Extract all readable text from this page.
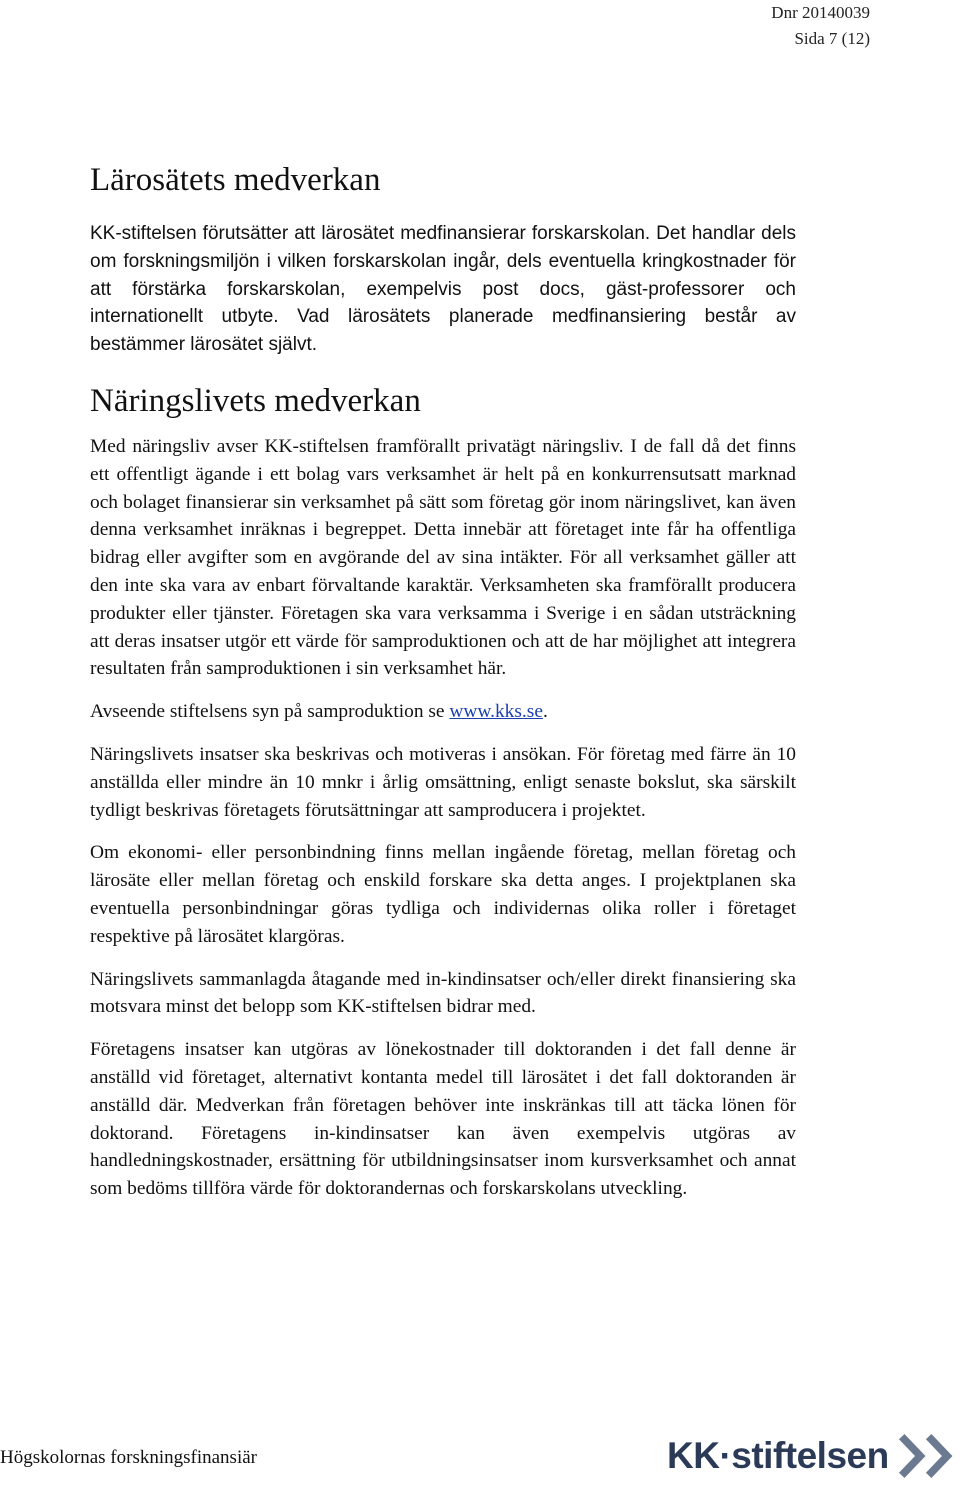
Dnr 20140039
Sida 7 (12)
Lärosätets medverkan

KK-stiftelsen förutsätter att lärosätet medfinansierar forskarskolan. Det handlar dels om forskningsmiljön i vilken forskarskolan ingår, dels eventuella kringkostnader för att förstärka forskarskolan, exempelvis post docs, gäst-professorer och internationellt utbyte. Vad lärosätets planerade medfinansiering består av bestämmer lärosätet självt.

Näringslivets medverkan

Med näringsliv avser KK-stiftelsen framförallt privatägt näringsliv. I de fall då det finns ett offentligt ägande i ett bolag vars verksamhet är helt på en konkurrensutsatt marknad och bolaget finansierar sin verksamhet på sätt som företag gör inom näringslivet, kan även denna verksamhet inräknas i begreppet. Detta innebär att företaget inte får ha offentliga bidrag eller avgifter som en avgörande del av sina intäkter. För all verksamhet gäller att den inte ska vara av enbart förvaltande karaktär. Verksamheten ska framförallt producera produkter eller tjänster. Företagen ska vara verksamma i Sverige i en sådan utsträckning att deras insatser utgör ett värde för samproduktionen och att de har möjlighet att integrera resultaten från samproduktionen i sin verksamhet här.

Avseende stiftelsens syn på samproduktion se www.kks.se.

Näringslivets insatser ska beskrivas och motiveras i ansökan. För företag med färre än 10 anställda eller mindre än 10 mnkr i årlig omsättning, enligt senaste bokslut, ska särskilt tydligt beskrivas företagets förutsättningar att samproducera i projektet.

Om ekonomi- eller personbindning finns mellan ingående företag, mellan företag och lärosäte eller mellan företag och enskild forskare ska detta anges. I projektplanen ska eventuella personbindningar göras tydliga och individernas olika roller i företaget respektive på lärosätet klargöras.

Näringslivets sammanlagda åtagande med in-kindinsatser och/eller direkt finansiering ska motsvara minst det belopp som KK-stiftelsen bidrar med.

Företagens insatser kan utgöras av lönekostnader till doktoranden i det fall denne är anställd vid företaget, alternativt kontanta medel till lärosätet i det fall doktoranden är anställd där. Medverkan från företagen behöver inte inskränkas till att täcka lönen för doktorand. Företagens in-kindinsatser kan även exempelvis utgöras av handledningskostnader, ersättning för utbildningsinsatser inom kursverksamhet och annat som bedöms tillföra värde för doktorandernas och forskarskolans utveckling.

Högskolornas forskningsfinansiär	KK·stiftelsen
